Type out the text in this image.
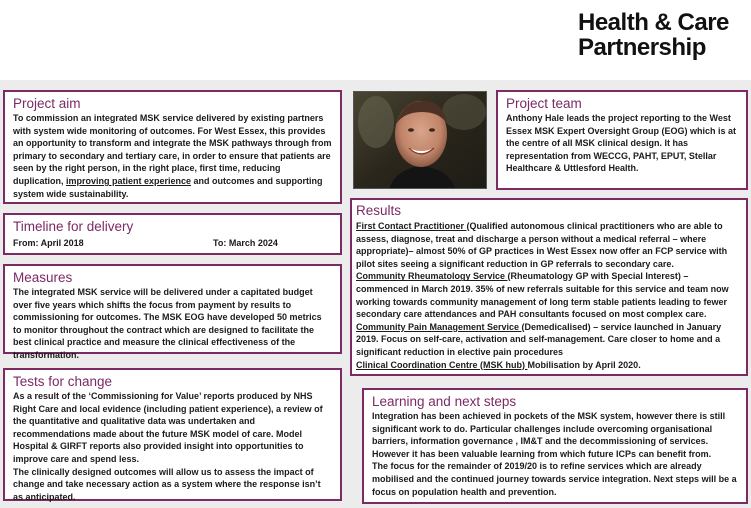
Health & Care
Partnership
Project aim

To commission an integrated MSK service delivered by existing partners with system wide monitoring of outcomes. For West Essex, this provides an opportunity to transform and integrate the MSK pathways through from primary to secondary and tertiary care, in order to ensure that patients are seen by the right person, in the right place, first time, reducing duplication, improving patient experience and outcomes and supporting system wide sustainability.

Timeline for delivery
From: April 2018	To: March 2024
Measures

The integrated MSK service will be delivered under a capitated budget over five years which shifts the focus from payment by results to commissioning for outcomes. The MSK EOG have developed 50 metrics to monitor throughout the contract which are designed to facilitate the best clinical practice and measure the clinical effectiveness of the transformation.

Tests for change

As a result of the ‘Commissioning for Value’ reports produced by NHS Right Care and local evidence (including patient experience), a review of the quantitative and qualitative data was undertaken and recommendations made about the future MSK model of care. Model Hospital & GIRFT reports also provided insight into opportunities to improve care and spend less.

The clinically designed outcomes will allow us to assess the impact of change and take necessary action as a system where the response isn’t as anticipated.

Project team

Anthony Hale leads the project reporting to the West Essex MSK Expert Oversight Group (EOG) which is at the centre of all MSK clinical design. It has representation from WECCG, PAHT, EPUT, Stellar Healthcare & Uttlesford Health.

Results

First Contact Practitioner (Qualified autonomous clinical practitioners who are able to assess, diagnose, treat and discharge a person without a medical referral – where appropriate)– almost 50% of GP practices in West Essex now offer an FCP service with pilot sites seeing a significant reduction in GP referrals to secondary care.

Community Rheumatology Service (Rheumatology GP with Special Interest) – commenced in March 2019. 35% of new referrals suitable for this service and team now working towards community management of long term stable patients leading to fewer secondary care attendances and PAH consultants focused on most complex care.

Community Pain Management Service (Demedicalised) – service launched in January 2019. Focus on self-care, activation and self-management. Care closer to home and a significant reduction in elective pain procedures

Clinical Coordination Centre (MSK hub) Mobilisation by April 2020.

Learning and next steps

Integration has been achieved in pockets of the MSK system, however there is still significant work to do. Particular challenges include overcoming organisational barriers, information governance , IM&T and the decommissioning of services. However it has been valuable learning from which future ICPs can benefit from.

The focus for the remainder of 2019/20 is to refine services which are already mobilised and the continued journey towards service integration. Next steps will be a focus on population health and prevention.
